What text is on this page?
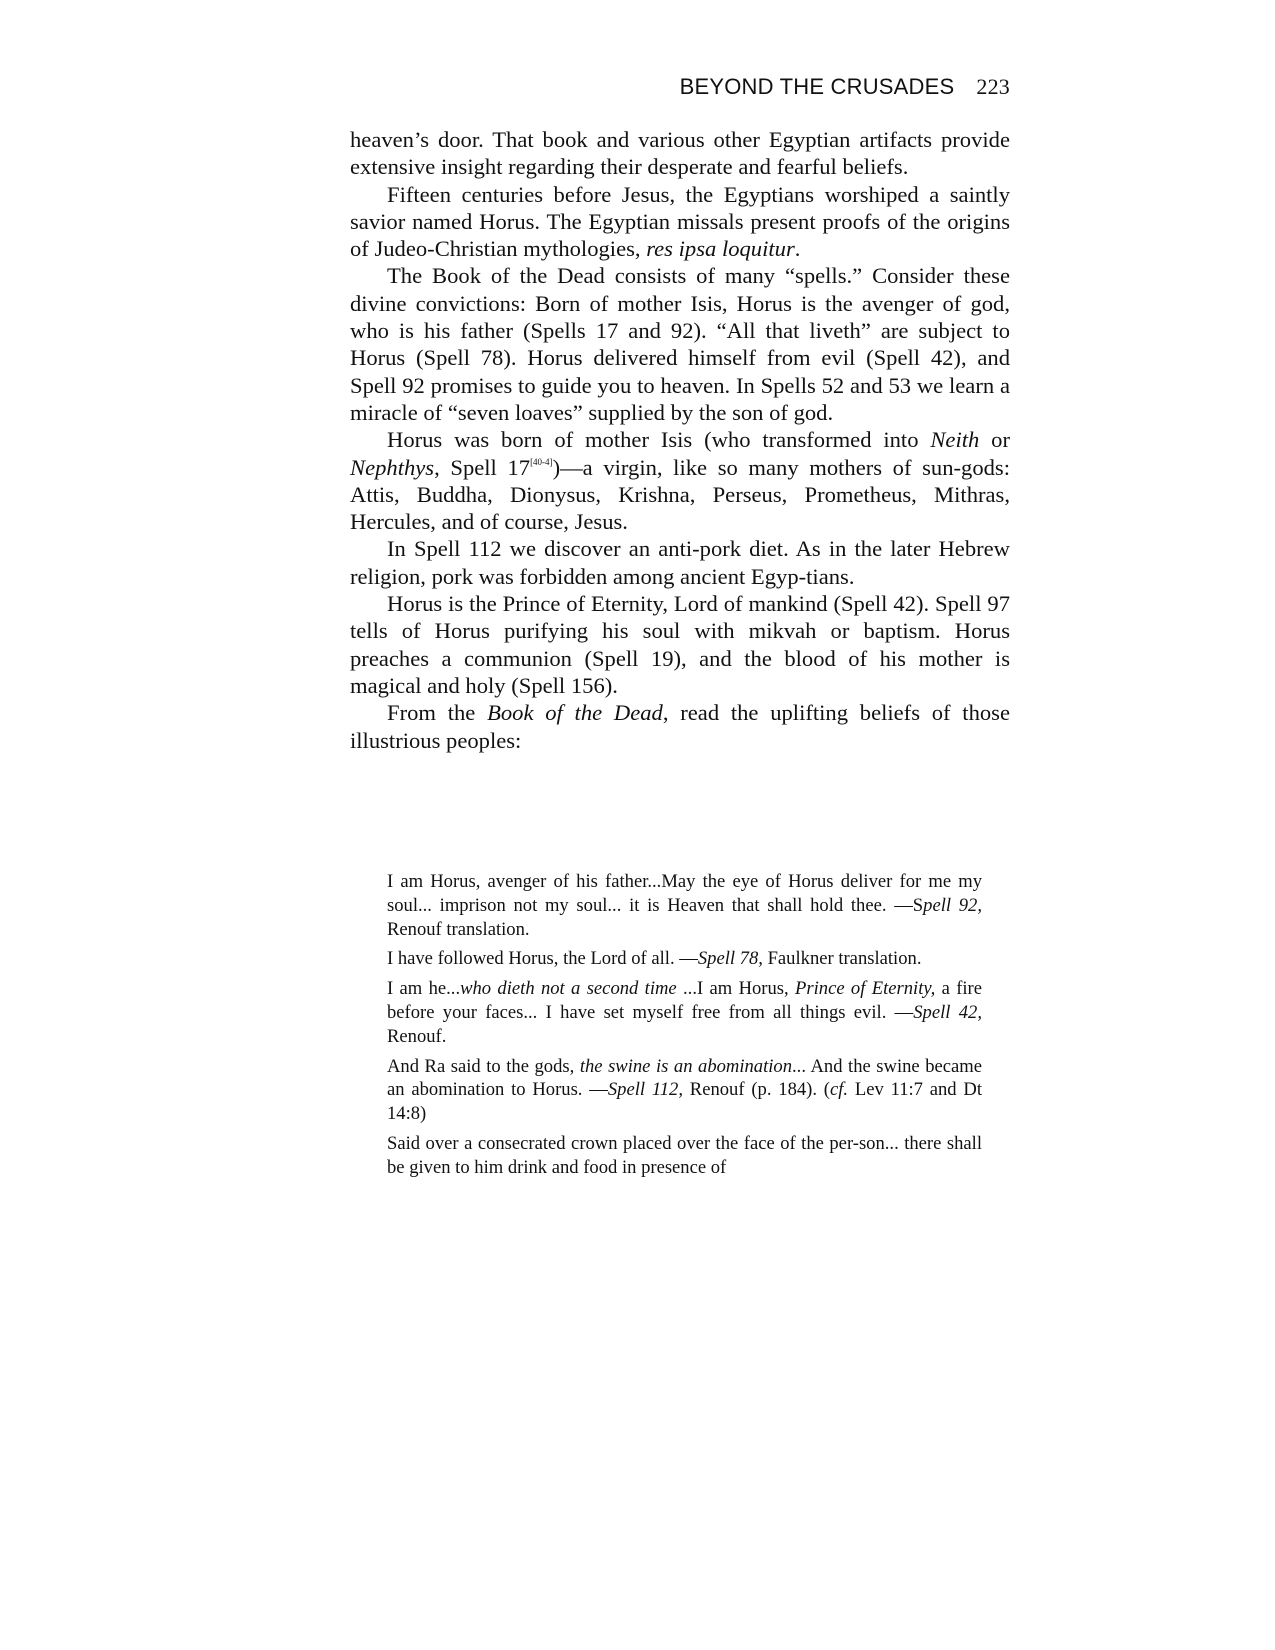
BEYOND THE CRUSADES 223

heaven’s door. That book and various other Egyptian artifacts provide extensive insight regarding their desperate and fearful beliefs.

Fifteen centuries before Jesus, the Egyptians worshiped a saintly savior named Horus. The Egyptian missals present proofs of the origins of Judeo-Christian mythologies, res ipsa loquitur.

The Book of the Dead consists of many “spells.” Consider these divine convictions: Born of mother Isis, Horus is the avenger of god, who is his father (Spells 17 and 92). “All that liveth” are subject to Horus (Spell 78). Horus delivered himself from evil (Spell 42), and Spell 92 promises to guide you to heaven. In Spells 52 and 53 we learn a miracle of “seven loaves” supplied by the son of god.

Horus was born of mother Isis (who transformed into Neith or Nephthys, Spell 17[40-4])—a virgin, like so many mothers of sun-gods: Attis, Buddha, Dionysus, Krishna, Perseus, Prometheus, Mithras, Hercules, and of course, Jesus.

In Spell 112 we discover an anti-pork diet. As in the later Hebrew religion, pork was forbidden among ancient Egyp-tians.

Horus is the Prince of Eternity, Lord of mankind (Spell 42). Spell 97 tells of Horus purifying his soul with mikvah or baptism. Horus preaches a communion (Spell 19), and the blood of his mother is magical and holy (Spell 156).

From the Book of the Dead, read the uplifting beliefs of those illustrious peoples:

I am Horus, avenger of his father...May the eye of Horus deliver for me my soul... imprison not my soul... it is Heaven that shall hold thee. —Spell 92, Renouf translation.

I have followed Horus, the Lord of all. —Spell 78, Faulkner translation.

I am he...who dieth not a second time ...I am Horus, Prince of Eternity, a fire before your faces... I have set myself free from all things evil. —Spell 42, Renouf.

And Ra said to the gods, the swine is an abomination... And the swine became an abomination to Horus. —Spell 112, Renouf (p. 184). (cf. Lev 11:7 and Dt 14:8)

Said over a consecrated crown placed over the face of the per-son... there shall be given to him drink and food in presence of
